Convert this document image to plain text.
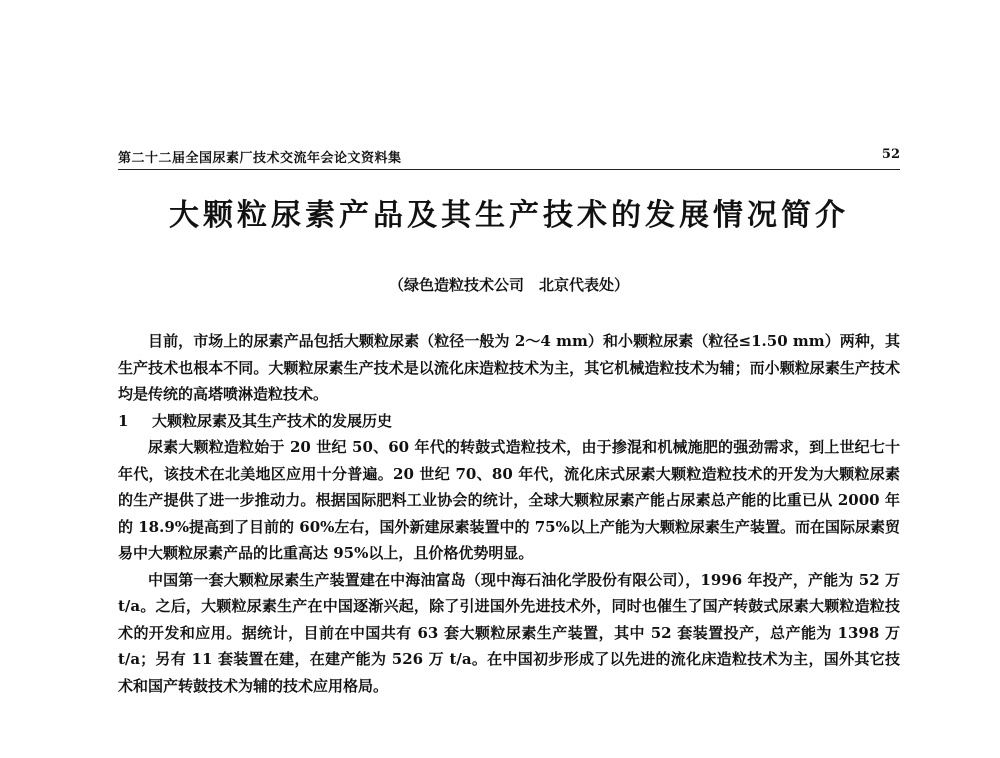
第二十二届全国尿素厂技术交流年会论文资料集	52
大颗粒尿素产品及其生产技术的发展情况简介
（绿色造粒技术公司　北京代表处）

目前，市场上的尿素产品包括大颗粒尿素（粒径一般为 2～4 mm）和小颗粒尿素（粒径≤1.50 mm）两种，其生产技术也根本不同。大颗粒尿素生产技术是以流化床造粒技术为主，其它机械造粒技术为辅；而小颗粒尿素生产技术均是传统的高塔喷淋造粒技术。

1 大颗粒尿素及其生产技术的发展历史

尿素大颗粒造粒始于 20 世纪 50、60 年代的转鼓式造粒技术，由于掺混和机械施肥的强劲需求，到上世纪七十年代，该技术在北美地区应用十分普遍。20 世纪 70、80 年代，流化床式尿素大颗粒造粒技术的开发为大颗粒尿素的生产提供了进一步推动力。根据国际肥料工业协会的统计，全球大颗粒尿素产能占尿素总产能的比重已从 2000 年的 18.9%提高到了目前的 60%左右，国外新建尿素装置中的 75%以上产能为大颗粒尿素生产装置。而在国际尿素贸易中大颗粒尿素产品的比重高达 95%以上，且价格优势明显。

中国第一套大颗粒尿素生产装置建在中海油富岛（现中海石油化学股份有限公司），1996 年投产，产能为 52 万 t/a。之后，大颗粒尿素生产在中国逐渐兴起，除了引进国外先进技术外，同时也催生了国产转鼓式尿素大颗粒造粒技术的开发和应用。据统计，目前在中国共有 63 套大颗粒尿素生产装置，其中 52 套装置投产，总产能为 1398 万 t/a；另有 11 套装置在建，在建产能为 526 万 t/a。在中国初步形成了以先进的流化床造粒技术为主，国外其它技术和国产转鼓技术为辅的技术应用格局。
